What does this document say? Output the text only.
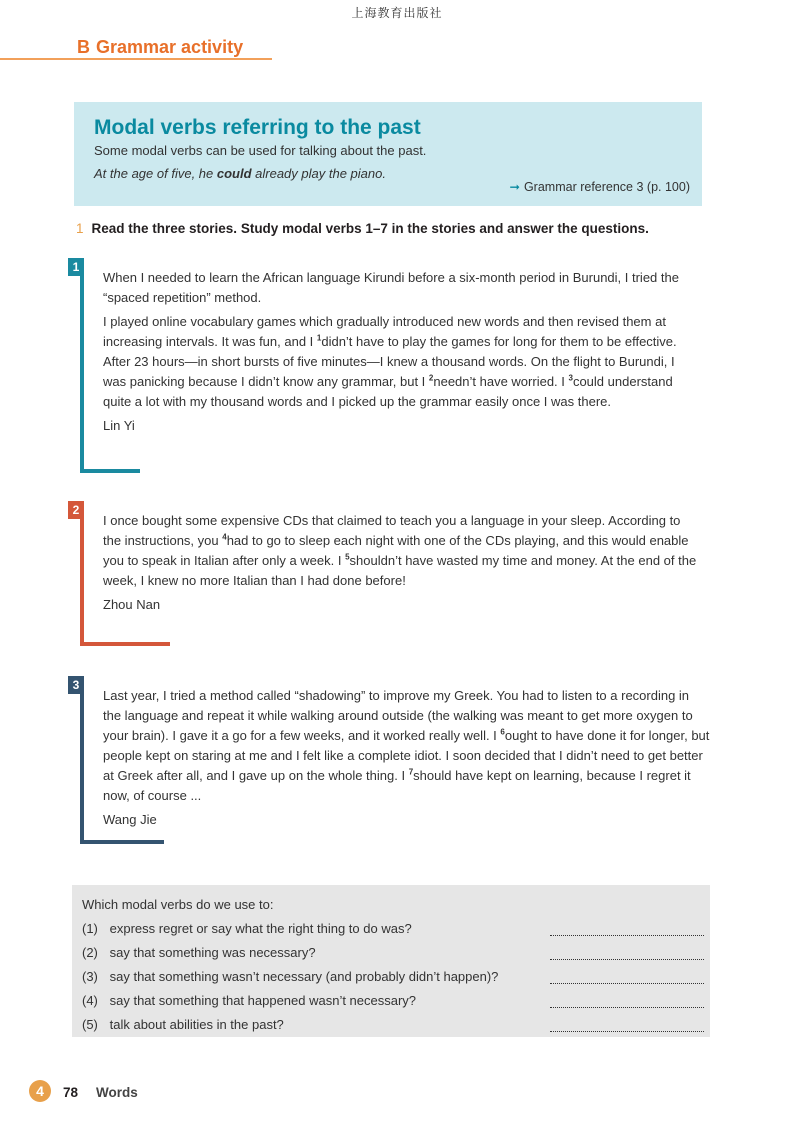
上海教育出版社
B Grammar activity
Modal verbs referring to the past
Some modal verbs can be used for talking about the past.
At the age of five, he could already play the piano.
➞ Grammar reference 3 (p. 100)
1 Read the three stories. Study modal verbs 1–7 in the stories and answer the questions.
1

When I needed to learn the African language Kirundi before a six-month period in Burundi, I tried the “spaced repetition” method.

I played online vocabulary games which gradually introduced new words and then revised them at increasing intervals. It was fun, and I $^1$didn’t have to play the games for long for them to be effective. After 23 hours—in short bursts of five minutes—I knew a thousand words. On the flight to Burundi, I was panicking because I didn’t know any grammar, but I $^2$needn’t have worried. I $^3$could understand quite a lot with my thousand words and I picked up the grammar easily once I was there.

Lin Yi
2

I once bought some expensive CDs that claimed to teach you a language in your sleep. According to the instructions, you $^4$had to go to sleep each night with one of the CDs playing, and this would enable you to speak in Italian after only a week. I $^5$shouldn’t have wasted my time and money. At the end of the week, I knew no more Italian than I had done before!

Zhou Nan
3

Last year, I tried a method called “shadowing” to improve my Greek. You had to listen to a recording in the language and repeat it while walking around outside (the walking was meant to get more oxygen to your brain). I gave it a go for a few weeks, and it worked really well. I $^6$ought to have done it for longer, but people kept on staring at me and I felt like a complete idiot. I soon decided that I didn’t need to get better at Greek after all, and I gave up on the whole thing. I $^7$should have kept on learning, because I regret it now, of course ...

Wang Jie
Which modal verbs do we use to:
(1) express regret or say what the right thing to do was?
(2) say that something was necessary?
(3) say that something wasn’t necessary (and probably didn’t happen)?
(4) say that something that happened wasn’t necessary?
(5) talk about abilities in the past?
4	78 Words
